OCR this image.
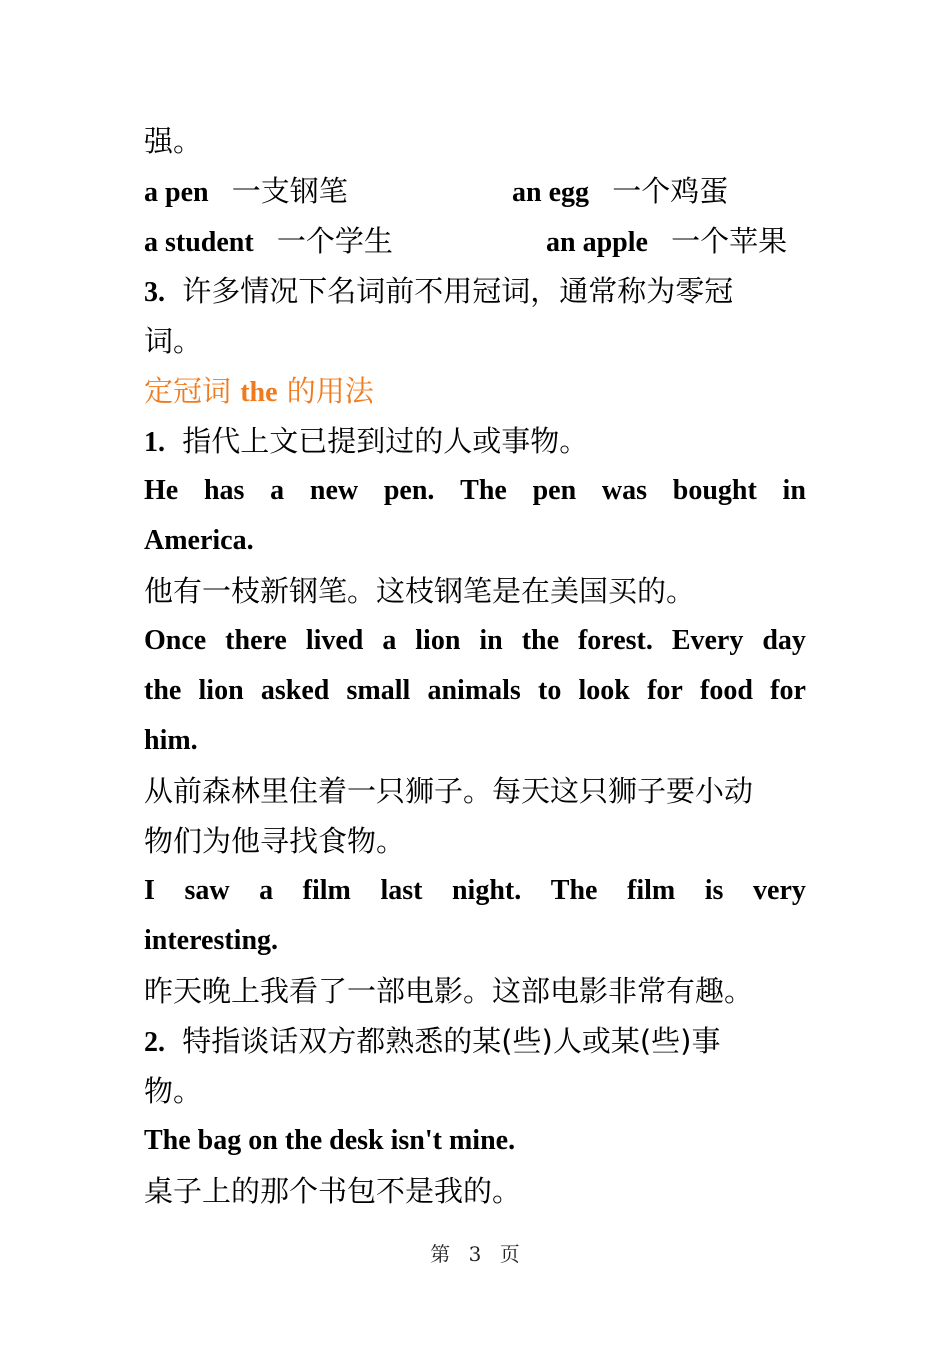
强。
a pen 一支钢笔	an egg 一个鸡蛋
a student 一个学生	an apple 一个苹果
3. 许多情况下名词前不用冠词，通常称为零冠
词。
定冠词 the 的用法
1. 指代上文已提到过的人或事物。
He has a new pen. The pen was bought in
America.
他有一枝新钢笔。这枝钢笔是在美国买的。
Once there lived a lion in the forest. Every day
the lion asked small animals to look for food for
him.
从前森林里住着一只狮子。每天这只狮子要小动
物们为他寻找食物。
I saw a film last night. The film is very
interesting.
昨天晚上我看了一部电影。这部电影非常有趣。
2. 特指谈话双方都熟悉的某(些)人或某(些)事
物。
The bag on the desk isn't mine.
桌子上的那个书包不是我的。
第 3 页
